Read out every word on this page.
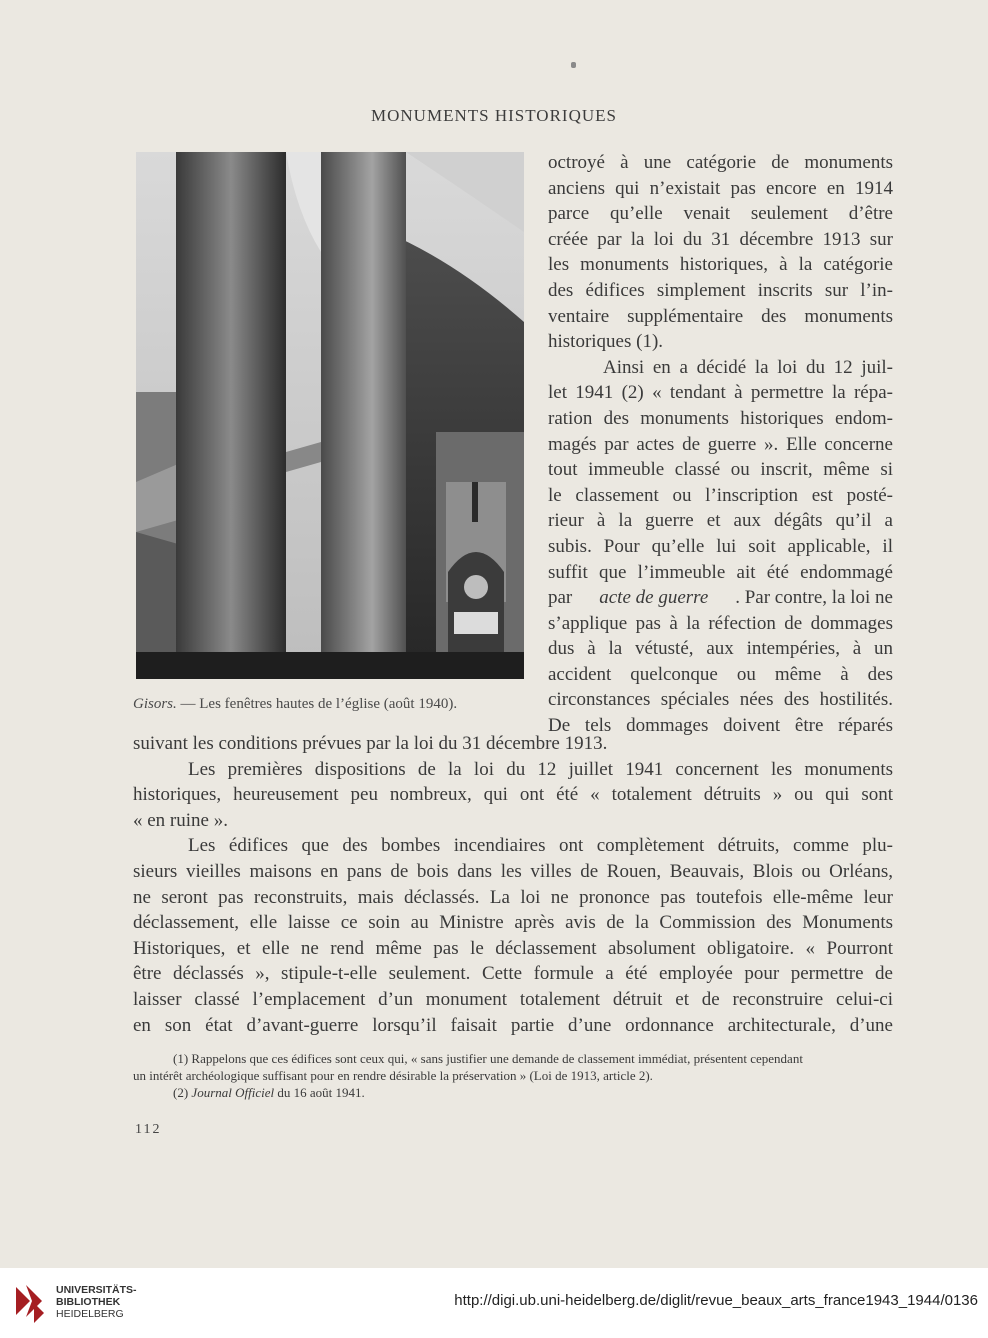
MONUMENTS HISTORIQUES
Gisors. — Les fenêtres hautes de l’église (août 1940).
octroyé à une catégorie de monuments
anciens qui n’existait pas encore en 1914
parce qu’elle venait seulement d’être
créée par la loi du 31 décembre 1913 sur
les monuments historiques, à la catégorie
des édifices simplement inscrits sur l’in-
ventaire supplémentaire des monuments
historiques (1).
Ainsi en a décidé la loi du 12 juil-
let 1941 (2) « tendant à permettre la répa-
ration des monuments historiques endom-
magés par actes de guerre ». Elle concerne
tout immeuble classé ou inscrit, même si
le classement ou l’inscription est posté-
rieur à la guerre et aux dégâts qu’il a
subis. Pour qu’elle lui soit applicable, il
suffit que l’immeuble ait été endommagé
par acte de guerre . Par contre, la loi ne
s’applique pas à la réfection de dommages
dus à la vétusté, aux intempéries, à un
accident quelconque ou même à des
circonstances spéciales nées des hostilités.
De tels dommages doivent être réparés
suivant les conditions prévues par la loi du 31 décembre 1913.
Les premières dispositions de la loi du 12 juillet 1941 concernent les monuments
historiques, heureusement peu nombreux, qui ont été « totalement détruits » ou qui sont
« en ruine ».
Les édifices que des bombes incendiaires ont complètement détruits, comme plu-
sieurs vieilles maisons en pans de bois dans les villes de Rouen, Beauvais, Blois ou Orléans,
ne seront pas reconstruits, mais déclassés. La loi ne prononce pas toutefois elle-même leur
déclassement, elle laisse ce soin au Ministre après avis de la Commission des Monuments
Historiques, et elle ne rend même pas le déclassement absolument obligatoire. « Pourront
être déclassés », stipule-t-elle seulement. Cette formule a été employée pour permettre de
laisser classé l’emplacement d’un monument totalement détruit et de reconstruire celui-ci
en son état d’avant-guerre lorsqu’il faisait partie d’une ordonnance architecturale, d’une
(1) Rappelons que ces édifices sont ceux qui, « sans justifier une demande de classement immédiat, présentent cependant
un intérêt archéologique suffisant pour en rendre désirable la préservation » (Loi de 1913, article 2).
(2) Journal Officiel du 16 août 1941.
112
UNIVERSITÄTS-
BIBLIOTHEK
HEIDELBERG
http://digi.ub.uni-heidelberg.de/diglit/revue_beaux_arts_france1943_1944/0136
